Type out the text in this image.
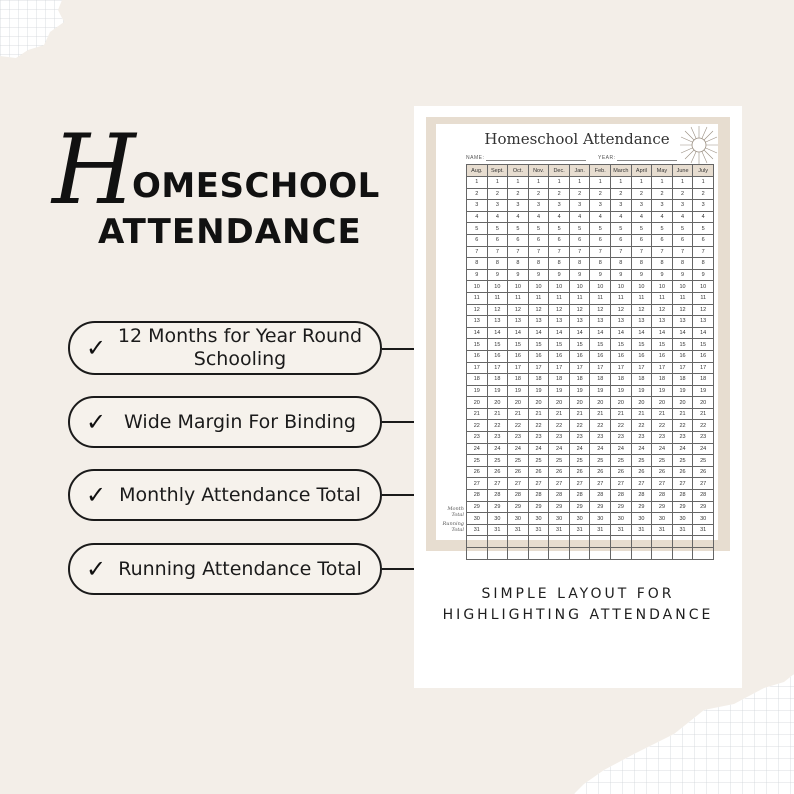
H
OMESCHOOL
ATTENDANCE
✓ 12 Months for Year Round Schooling
✓ Wide Margin For Binding
✓ Monthly Attendance Total
✓ Running Attendance Total
Homeschool Attendance
NAME:	YEAR:
Aug.	Sept.	Oct.	Nov.	Dec.	Jan.	Feb.	March	April	May	June	July
1	1	1	1	1	1	1	1	1	1	1	1
2	2	2	2	2	2	2	2	2	2	2	2
3	3	3	3	3	3	3	3	3	3	3	3
4	4	4	4	4	4	4	4	4	4	4	4
5	5	5	5	5	5	5	5	5	5	5	5
6	6	6	6	6	6	6	6	6	6	6	6
7	7	7	7	7	7	7	7	7	7	7	7
8	8	8	8	8	8	8	8	8	8	8	8
9	9	9	9	9	9	9	9	9	9	9	9
10	10	10	10	10	10	10	10	10	10	10	10
11	11	11	11	11	11	11	11	11	11	11	11
12	12	12	12	12	12	12	12	12	12	12	12
13	13	13	13	13	13	13	13	13	13	13	13
14	14	14	14	14	14	14	14	14	14	14	14
15	15	15	15	15	15	15	15	15	15	15	15
16	16	16	16	16	16	16	16	16	16	16	16
17	17	17	17	17	17	17	17	17	17	17	17
18	18	18	18	18	18	18	18	18	18	18	18
19	19	19	19	19	19	19	19	19	19	19	19
20	20	20	20	20	20	20	20	20	20	20	20
21	21	21	21	21	21	21	21	21	21	21	21
22	22	22	22	22	22	22	22	22	22	22	22
23	23	23	23	23	23	23	23	23	23	23	23
24	24	24	24	24	24	24	24	24	24	24	24
25	25	25	25	25	25	25	25	25	25	25	25
26	26	26	26	26	26	26	26	26	26	26	26
27	27	27	27	27	27	27	27	27	27	27	27
28	28	28	28	28	28	28	28	28	28	28	28
29	29	29	29	29	29	29	29	29	29	29	29
30	30	30	30	30	30	30	30	30	30	30	30
31	31	31	31	31	31	31	31	31	31	31	31

Month Total
Running Total
SIMPLE LAYOUT FOR HIGHLIGHTING ATTENDANCE
